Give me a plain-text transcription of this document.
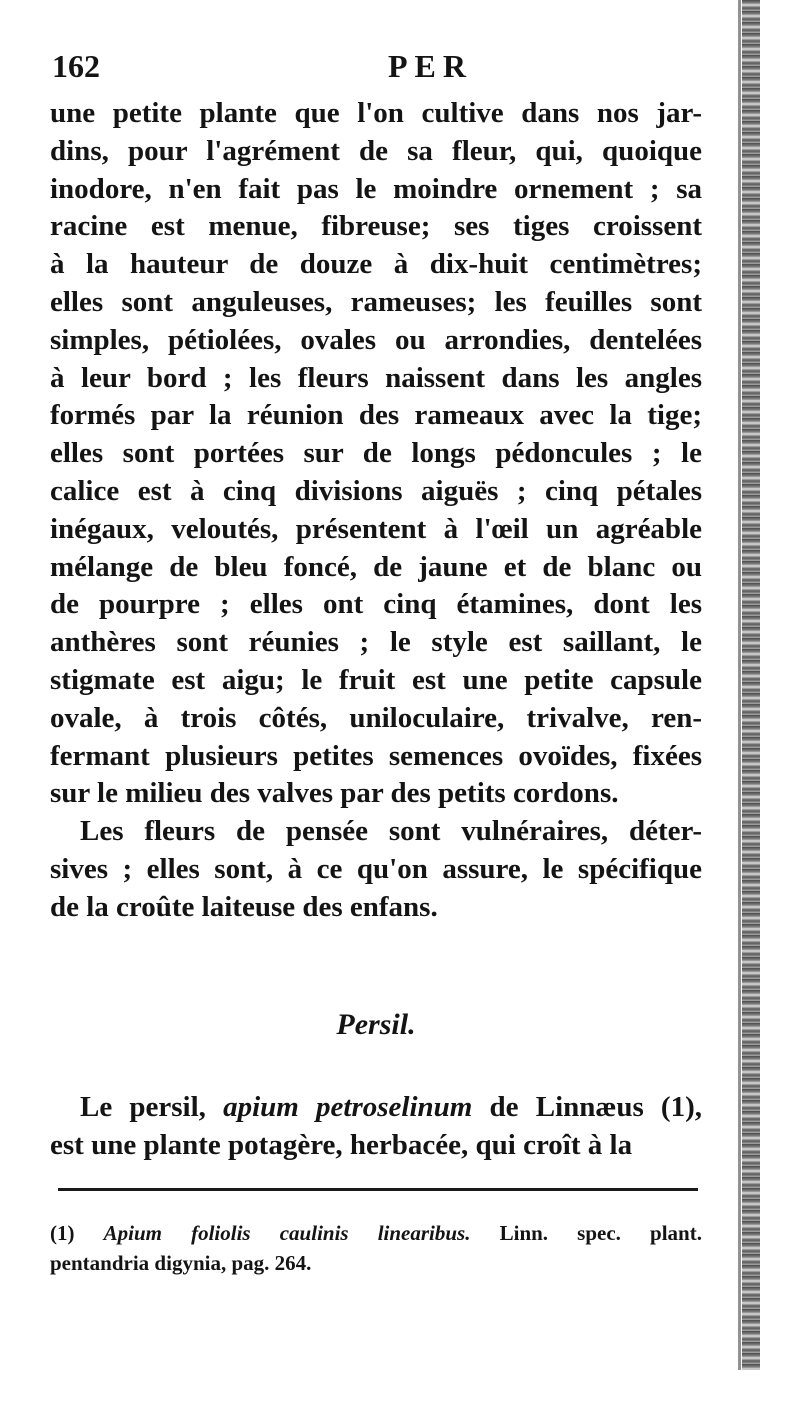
162	PER
une petite plante que l'on cultive dans nos jar-
dins, pour l'agrément de sa fleur, qui, quoique
inodore, n'en fait pas le moindre ornement ; sa
racine est menue, fibreuse; ses tiges croissent
à la hauteur de douze à dix-huit centimètres;
elles sont anguleuses, rameuses; les feuilles sont
simples, pétiolées, ovales ou arrondies, dentelées
à leur bord ; les fleurs naissent dans les angles
formés par la réunion des rameaux avec la tige;
elles sont portées sur de longs pédoncules ; le
calice est à cinq divisions aiguës ; cinq pétales
inégaux, veloutés, présentent à l'œil un agréable
mélange de bleu foncé, de jaune et de blanc ou
de pourpre ; elles ont cinq étamines, dont les
anthères sont réunies ; le style est saillant, le
stigmate est aigu; le fruit est une petite capsule
ovale, à trois côtés, uniloculaire, trivalve, ren-
fermant plusieurs petites semences ovoïdes, fixées
sur le milieu des valves par des petits cordons.
Les fleurs de pensée sont vulnéraires, déter-
sives ; elles sont, à ce qu'on assure, le spécifique
de la croûte laiteuse des enfans.
Persil.
Le persil, apium petroselinum de Linnæus (1),
est une plante potagère, herbacée, qui croît à la
(1) Apium foliolis caulinis linearibus. Linn. spec. plant.
pentandria digynia, pag. 264.
